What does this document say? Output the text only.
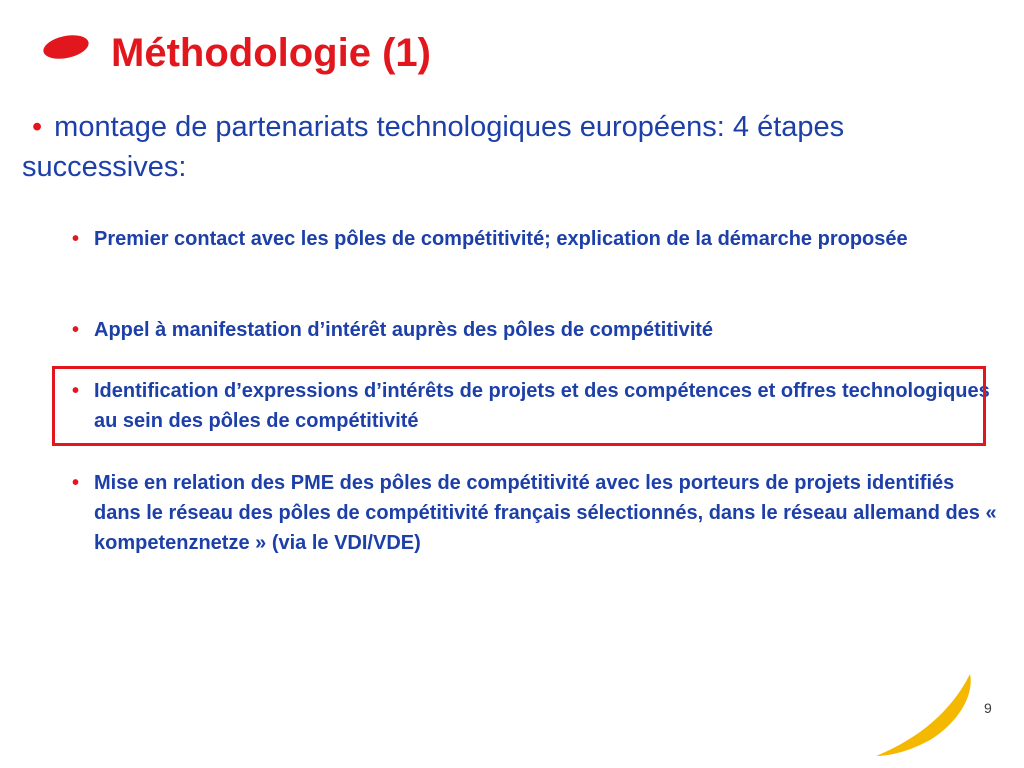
Méthodologie (1)
• montage de partenariats technologiques européens: 4 étapes successives:
• Premier contact avec les pôles de compétitivité; explication de la démarche proposée
• Appel à manifestation d’intérêt auprès des pôles de compétitivité
• Identification d’expressions d’intérêts de projets et des compétences et offres technologiques au sein des pôles de compétitivité
• Mise en relation des PME des pôles de compétitivité avec les porteurs de projets identifiés dans le réseau des pôles de compétitivité français sélectionnés, dans le réseau allemand des « kompetenznetze » (via le VDI/VDE)
9
